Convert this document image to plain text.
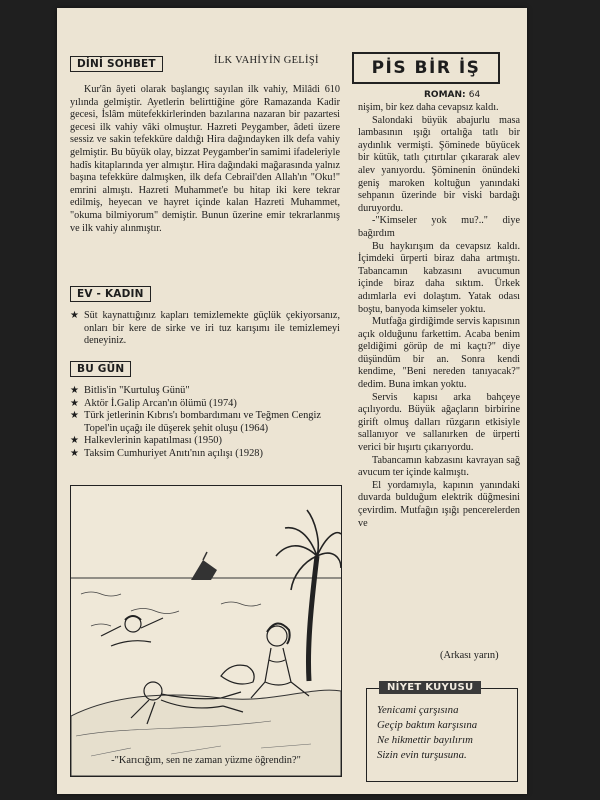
DİNİ SOHBET	İLK VAHİYİN GELİŞİ

Kur'ân âyeti olarak başlangıç sayılan ilk vahiy, Milâdi 610 yılında gelmiştir. Ayetlerin belirttiğine göre Ramazanda Kadir gecesi, İslâm mütefekkirlerinden bazılarına nazaran bir pazartesi gecesi ilk vahiy vâki olmuştur. Hazreti Peygamber, âdeti üzere sessiz ve sakin tefekküre daldığı Hira dağındayken ilk defa vahiy gelmiştir. Bu büyük olay, bizzat Peygamber'in samimi ifadeleriyle hadîs kitaplarında yer almıştır. Hira dağındaki mağarasında yalnız başına tefekküre dalmışken, ilk defa Cebrail'den Allah'ın "Oku!" emrini almıştı. Hazreti Muhammet'e bu hitap iki kere tekrar edilmiş, heyecan ve hayret içinde kalan Hazreti Muhammet, "okuma bilmiyorum" demiştir. Bunun üzerine emir tekrarlanmış ve ilk vahiy alınmıştır.

EV - KADIN
★ Süt kaynattığınız kapları temizlemekte güçlük çekiyorsanız, onları bir kere de sirke ve iri tuz karışımı ile temizlemeyi deneyiniz.

BU GÜN
★ Bitlis'in "Kurtuluş Günü"
★ Aktör İ.Galip Arcan'ın ölümü (1974)
★ Türk jetlerinin Kıbrıs'ı bombardımanı ve Teğmen Cengiz Topel'in uçağı ile düşerek şehit oluşu (1964)
★ Halkevlerinin kapatılması (1950)
★ Taksim Cumhuriyet Anıtı'nın açılışı (1928)
-"Karıcığım, sen ne zaman yüzme öğrendin?"
PİS BİR İŞ
ROMAN: 64

nişim, bir kez daha cevapsız kaldı.

Salondaki büyük abajurlu masa lambasının ışığı ortalığa tatlı bir aydınlık vermişti. Şöminede büyücek bir kütük, tatlı çıtırtılar çıkararak alev alev yanıyordu. Şöminenin önündeki geniş maroken koltuğun yanındaki sehpanın üzerinde bir viski bardağı duruyordu.

-"Kimseler yok mu?.." diye bağırdım

Bu haykırışım da cevapsız kaldı. İçimdeki ürperti biraz daha artmıştı. Tabancamın kabzasını avucumun içinde biraz daha sıktım. Ürkek adımlarla evi dolaştım. Yatak odası boştu, banyoda kimseler yoktu.

Mutfağa girdiğimde servis kapısının açık olduğunu farkettim. Acaba benim geldiğimi görüp de mi kaçtı?" diye düşündüm bir an. Sonra kendi kendime, "Beni nereden tanıyacak?" dedim. Buna imkan yoktu.

Servis kapısı arka bahçeye açılıyordu. Büyük ağaçların birbirine girift olmuş dalları rüzgarın etkisiyle sallanıyor ve sallanırken de ürperti verici bir hışırtı çıkarıyordu.

Tabancamın kabzasını kavrayan sağ avucum ter içinde kalmıştı.

El yordamıyla, kapının yanındaki duvarda bulduğum elektrik düğmesini çevirdim. Mutfağın ışığı pencerelerden ve

(Arkası yarın)
NİYET KUYUSU
Yenicami çarşısına
Geçip baktım karşısına
Ne hikmettir bayılırım
Sizin evin turşusuna.
